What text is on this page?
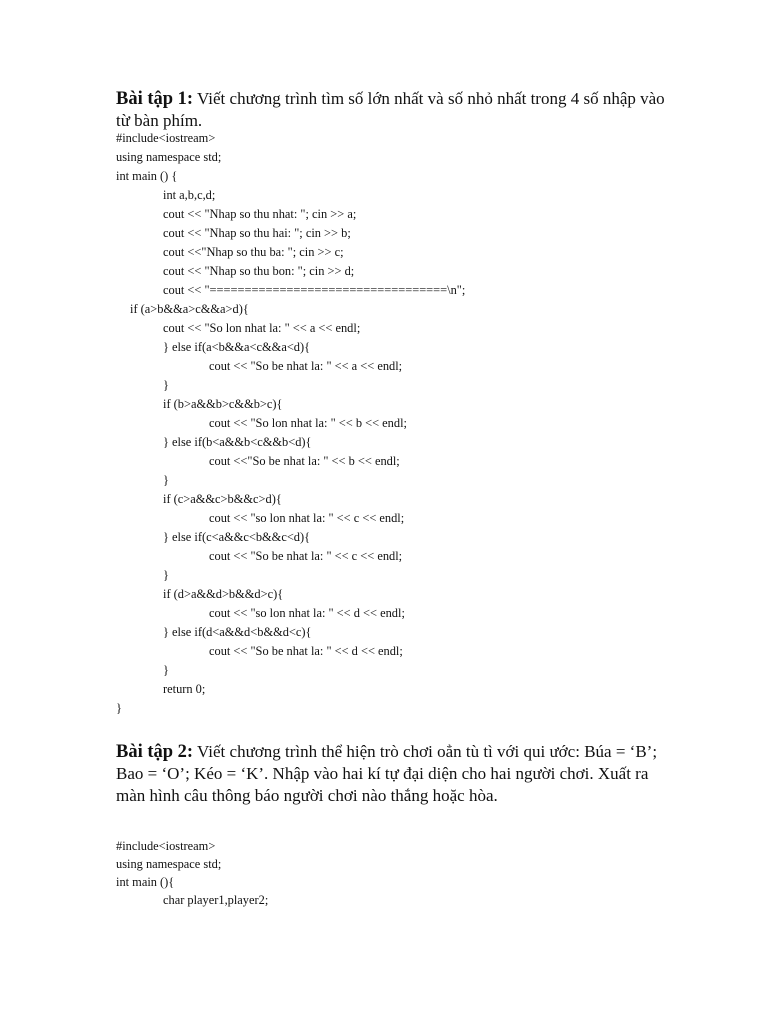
Bài tập 1: Viết chương trình tìm số lớn nhất và số nhỏ nhất trong 4 số nhập vào từ bàn phím.
#include<iostream>
using namespace std;
int main () {
int a,b,c,d;
cout << "Nhap so thu nhat: "; cin >> a;
cout << "Nhap so thu hai: "; cin >> b;
cout <<"Nhap so thu ba: "; cin >> c;
cout << "Nhap so thu bon: "; cin >> d;
cout << "==================================\n";
if (a>b&&a>c&&a>d){
cout << "So lon nhat la: " << a << endl;
} else if(a<b&&a<c&&a<d){
cout << "So be nhat la: " << a << endl;
}
if (b>a&&b>c&&b>c){
cout << "So lon nhat la: " << b << endl;
} else if(b<a&&b<c&&b<d){
cout <<"So be nhat la: " << b << endl;
}
if (c>a&&c>b&&c>d){
cout << "so lon nhat la: " << c << endl;
} else if(c<a&&c<b&&c<d){
cout << "So be nhat la: " << c << endl;
}
if (d>a&&d>b&&d>c){
cout << "so lon nhat la: " << d << endl;
} else if(d<a&&d<b&&d<c){
cout << "So be nhat la: " << d << endl;
}
return 0;
}
Bài tập 2: Viết chương trình thể hiện trò chơi oẳn tù tì với qui ước: Búa = ‘B’; Bao = ‘O’; Kéo = ‘K’. Nhập vào hai kí tự đại diện cho hai người chơi. Xuất ra màn hình câu thông báo người chơi nào thắng hoặc hòa.
#include<iostream>
using namespace std;
int main (){
char player1,player2;
